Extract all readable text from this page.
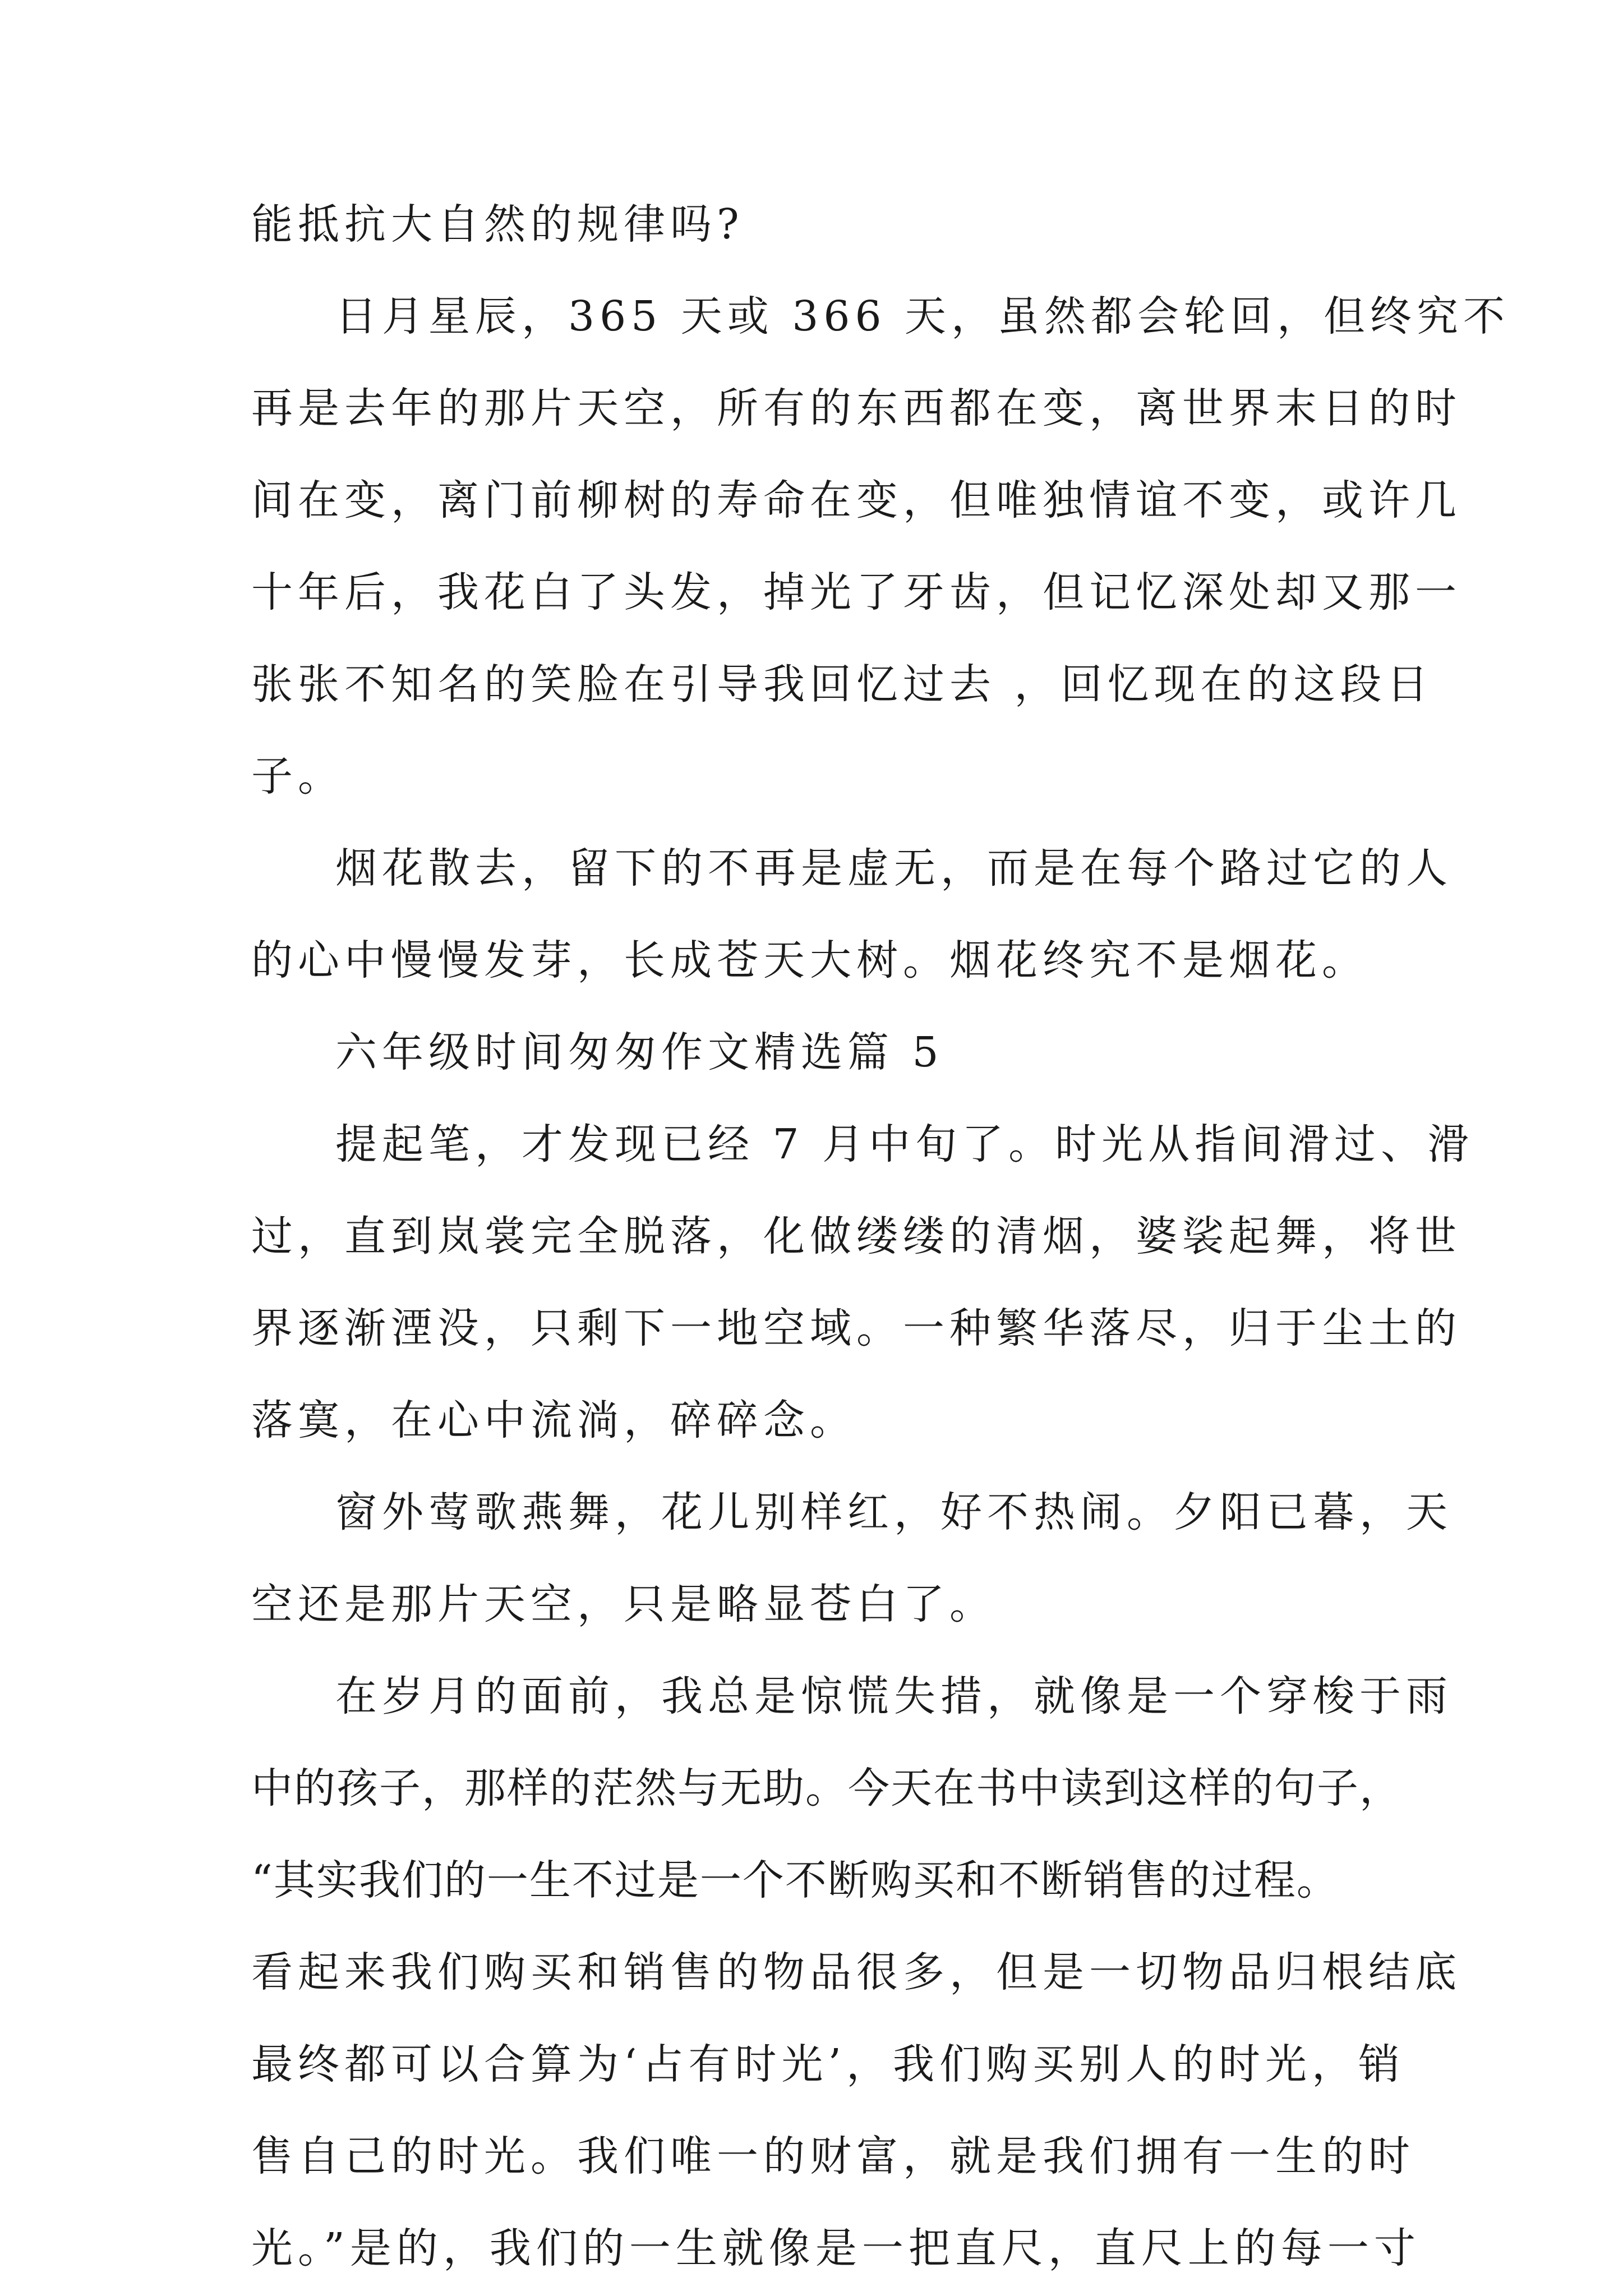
能抵抗大自然的规律吗?
日月星辰，365 天或 366 天，虽然都会轮回，但终究不
再是去年的那片天空，所有的东西都在变，离世界末日的时
间在变，离门前柳树的寿命在变，但唯独情谊不变，或许几
十年后，我花白了头发，掉光了牙齿，但记忆深处却又那一
张张不知名的笑脸在引导我回忆过去 ，回忆现在的这段日
子。
烟花散去，留下的不再是虚无，而是在每个路过它的人
的心中慢慢发芽，长成苍天大树。烟花终究不是烟花。
六年级时间匆匆作文精选篇 5
提起笔，才发现已经 7 月中旬了。时光从指间滑过、滑
过，直到岚裳完全脱落，化做缕缕的清烟，婆裟起舞，将世
界逐渐湮没，只剩下一地空域。一种繁华落尽，归于尘土的
落寞，在心中流淌，碎碎念。
窗外莺歌燕舞，花儿别样红，好不热闹。夕阳已暮，天
空还是那片天空，只是略显苍白了。
在岁月的面前，我总是惊慌失措，就像是一个穿梭于雨
中的孩子，那样的茫然与无助。今天在书中读到这样的句子，
“其实我们的一生不过是一个不断购买和不断销售的过程。
看起来我们购买和销售的物品很多，但是一切物品归根结底
最终都可以合算为‘占有时光’，我们购买别人的时光，销
售自己的时光。我们唯一的财富，就是我们拥有一生的时
光。”是的，我们的一生就像是一把直尺，直尺上的每一寸
